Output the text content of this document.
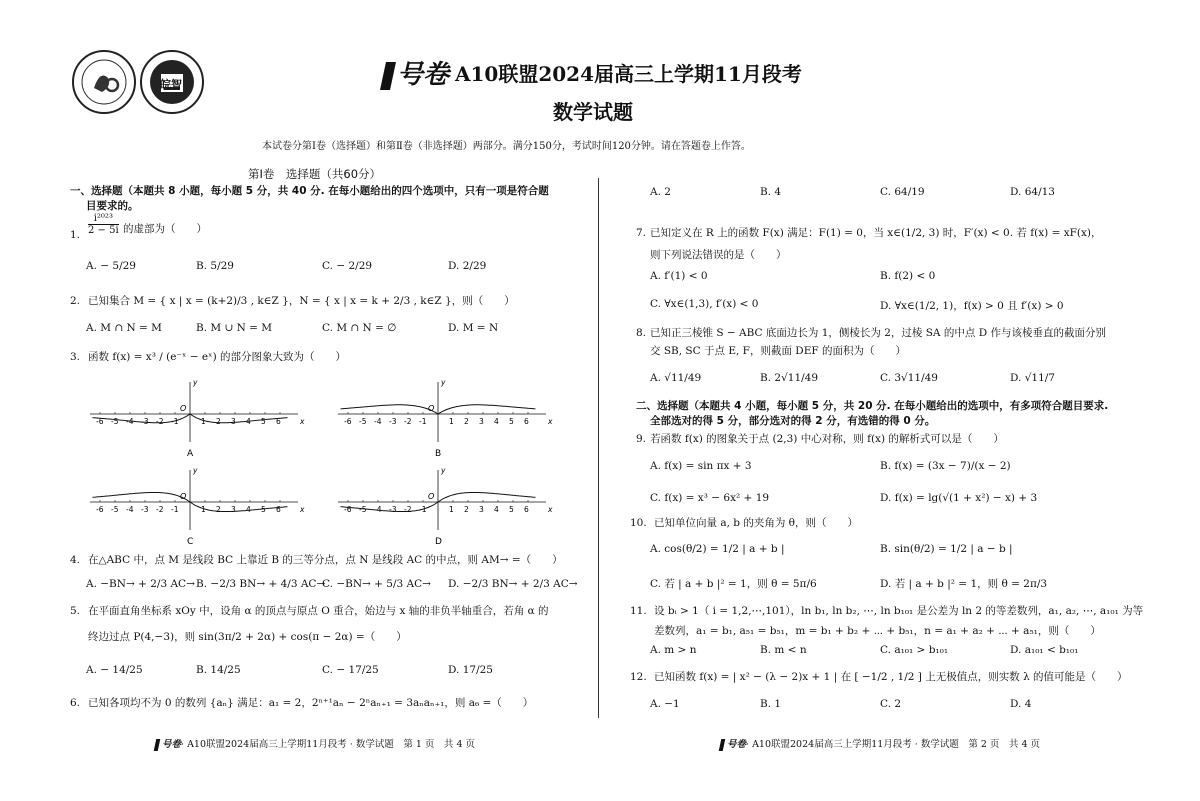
皖智	号卷 A10联盟2024届高三上学期11月段考
数学试题
本试卷分第Ⅰ卷（选择题）和第Ⅱ卷（非选择题）两部分。满分150分，考试时间120分钟。请在答题卷上作答。
第Ⅰ卷　选择题（共60分）
一、选择题（本题共 8 小题，每小题 5 分，共 40 分. 在每小题给出的四个选项中，只有一项是符合题
目要求的。
1.
i²⁰²³
2 − 5i 的虚部为（　　）
A. − 5/29	B. 5/29	C. − 2/29	D. 2/29
2. 已知集合 M = { x | x = (k+2)/3 , k∈Z }，N = { x | x = k + 2/3 , k∈Z }，则（　　）
A. M ∩ N = M	B. M ∪ N = M	C. M ∩ N = ∅	D. M = N
3. 函数 f(x) = x³ / (e⁻ˣ − eˣ) 的部分图象大致为（　　）
-6 -5 -4 -3 -2 -1	1 2 3 4 5 6	x
y
O
A
-6 -5 -4 -3 -2 -1	1 2 3 4 5 6	x
y
O
B
-6 -5 -4 -3 -2 -1	1 2 3 4 5 6	x
y
O
C
-6 -5 -4 -3 -2 -1	1 2 3 4 5 6	x
y
O
D
4. 在△ABC 中，点 M 是线段 BC 上靠近 B 的三等分点，点 N 是线段 AC 的中点，则 AM→ =（　　）
A. −BN→ + 2/3 AC→ B. −2/3 BN→ + 4/3 AC→
C. −BN→ + 5/3 AC→ D. −2/3 BN→ + 2/3 AC→
5. 在平面直角坐标系 xOy 中，设角 α 的顶点与原点 O 重合，始边与 x 轴的非负半轴重合，若角 α 的
终边过点 P(4,−3)，则 sin(3π/2 + 2α) + cos(π − 2α) =（　　）
A. − 14/25	B. 14/25	C. − 17/25	D. 17/25
6. 已知各项均不为 0 的数列 {aₙ} 满足：a₁ = 2，2ⁿ⁺¹aₙ − 2ⁿaₙ₊₁ = 3aₙaₙ₊₁，则 a₆ =（　　）
A. 2	B. 4	C. 64/19	D. 64/13
7. 已知定义在 R 上的函数 F(x) 满足：F(1) = 0，当 x∈(1/2, 3) 时，F′(x) < 0. 若 f(x) = xF(x)，
则下列说法错误的是（　　）
A. f′(1) < 0	B. f(2) < 0
C. ∀x∈(1,3), f′(x) < 0	D. ∀x∈(1/2, 1)，f(x) > 0 且 f′(x) > 0
8. 已知正三棱锥 S − ABC 底面边长为 1，侧棱长为 2，过棱 SA 的中点 D 作与该棱垂直的截面分别
交 SB, SC 于点 E, F，则截面 DEF 的面积为（　　）
A. √11/49	B. 2√11/49	C. 3√11/49	D. √11/7
二、选择题（本题共 4 小题，每小题 5 分，共 20 分. 在每小题给出的选项中，有多项符合题目要求.
全部选对的得 5 分，部分选对的得 2 分，有选错的得 0 分。
9. 若函数 f(x) 的图象关于点 (2,3) 中心对称，则 f(x) 的解析式可以是（　　）
A. f(x) = sin πx + 3	B. f(x) = (3x − 7)/(x − 2)
C. f(x) = x³ − 6x² + 19	D. f(x) = lg(√(1 + x²) − x) + 3
10. 已知单位向量 a, b 的夹角为 θ，则（　　）
A. cos(θ/2) = 1/2 | a + b |	B. sin(θ/2) = 1/2 | a − b |
C. 若 | a + b |² = 1，则 θ = 5π/6	D. 若 | a + b |² = 1，则 θ = 2π/3
11. 设 bᵢ > 1（ i = 1,2,⋯,101），ln b₁, ln b₂, ⋯, ln b₁₀₁ 是公差为 ln 2 的等差数列，a₁, a₂, ⋯, a₁₀₁ 为等
差数列，a₁ = b₁, a₅₁ = b₅₁，m = b₁ + b₂ + ⋯ + b₅₁，n = a₁ + a₂ + ⋯ + a₅₁，则（　　）
A. m > n	B. m < n	C. a₁₀₁ > b₁₀₁	D. a₁₀₁ < b₁₀₁
12. 已知函数 f(x) = | x² − (λ − 2)x + 1 | 在 [ −1/2 , 1/2 ] 上无极值点，则实数 λ 的值可能是（　　）
A. −1	B. 1	C. 2	D. 4
号卷· A10联盟2024届高三上学期11月段考 · 数学试题　第 1 页　共 4 页	号卷· A10联盟2024届高三上学期11月段考 · 数学试题　第 2 页　共 4 页
